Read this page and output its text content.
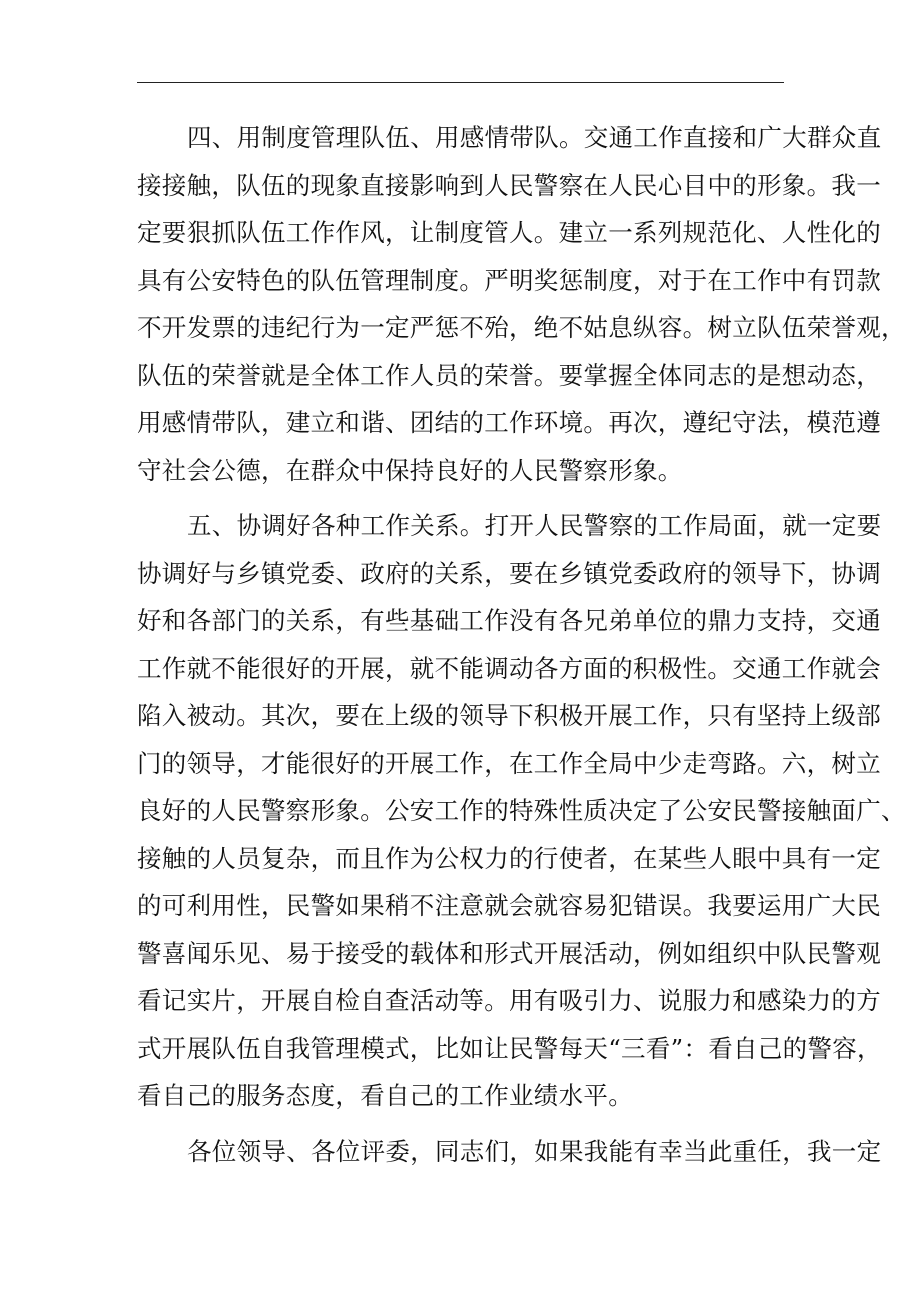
四、用制度管理队伍、用感情带队。交通工作直接和广大群众直
接接触，队伍的现象直接影响到人民警察在人民心目中的形象。我一
定要狠抓队伍工作作风，让制度管人。建立一系列规范化、人性化的
具有公安特色的队伍管理制度。严明奖惩制度，对于在工作中有罚款
不开发票的违纪行为一定严惩不殆，绝不姑息纵容。树立队伍荣誉观，
队伍的荣誉就是全体工作人员的荣誉。要掌握全体同志的是想动态，
用感情带队，建立和谐、团结的工作环境。再次，遵纪守法，模范遵
守社会公德，在群众中保持良好的人民警察形象。
五、协调好各种工作关系。打开人民警察的工作局面，就一定要
协调好与乡镇党委、政府的关系，要在乡镇党委政府的领导下，协调
好和各部门的关系，有些基础工作没有各兄弟单位的鼎力支持，交通
工作就不能很好的开展，就不能调动各方面的积极性。交通工作就会
陷入被动。其次，要在上级的领导下积极开展工作，只有坚持上级部
门的领导，才能很好的开展工作，在工作全局中少走弯路。六，树立
良好的人民警察形象。公安工作的特殊性质决定了公安民警接触面广、
接触的人员复杂，而且作为公权力的行使者，在某些人眼中具有一定
的可利用性，民警如果稍不注意就会就容易犯错误。我要运用广大民
警喜闻乐见、易于接受的载体和形式开展活动，例如组织中队民警观
看记实片，开展自检自查活动等。用有吸引力、说服力和感染力的方
式开展队伍自我管理模式，比如让民警每天“三看”：看自己的警容，
看自己的服务态度，看自己的工作业绩水平。
各位领导、各位评委，同志们，如果我能有幸当此重任，我一定
